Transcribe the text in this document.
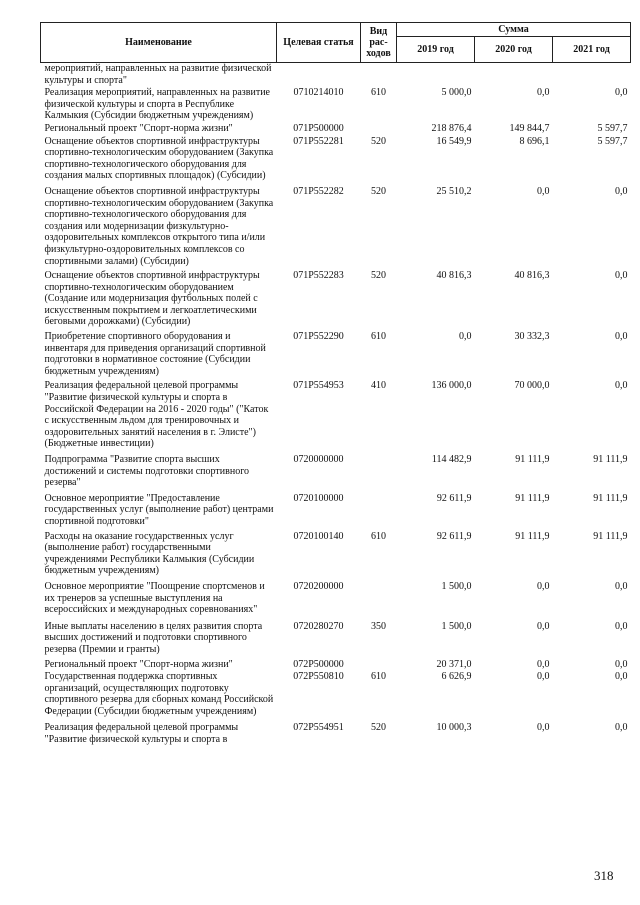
Наименование	Целевая статья	Вид рас-ходов	Сумма		
			2019 год	2020 год	2021 год
мероприятий, направленных на развитие физической культуры и спорта"					
Реализация мероприятий, направленных на развитие физической культуры и спорта в Республике Калмыкия (Субсидии бюджетным учреждениям)	0710214010	610	5 000,0	0,0	0,0
Региональный проект "Спорт-норма жизни"	071P500000		218 876,4	149 844,7	5 597,7
Оснащение объектов спортивной инфраструктуры спортивно-технологическим оборудованием (Закупка спортивно-технологического оборудования для создания малых спортивных площадок) (Субсидии)	071P552281	520	16 549,9	8 696,1	5 597,7
Оснащение объектов спортивной инфраструктуры спортивно-технологическим оборудованием (Закупка спортивно-технологического оборудования для создания или модернизации физкультурно-оздоровительных комплексов открытого типа и/или физкультурно-оздоровительных комплексов со спортивными залами) (Субсидии)	071P552282	520	25 510,2	0,0	0,0
Оснащение объектов спортивной инфраструктуры спортивно-технологическим оборудованием (Создание или модернизация футбольных полей с искусственным покрытием и легкоатлетическими беговыми дорожками) (Субсидии)	071P552283	520	40 816,3	40 816,3	0,0
Приобретение спортивного оборудования и инвентаря для приведения организаций спортивной подготовки в нормативное состояние (Субсидии бюджетным учреждениям)	071P552290	610	0,0	30 332,3	0,0
Реализация федеральной целевой программы "Развитие физической культуры и спорта в Российской Федерации на 2016 - 2020 годы" ("Каток с искусственным льдом для тренировочных и оздоровительных занятий населения в г. Элисте") (Бюджетные инвестиции)	071P554953	410	136 000,0	70 000,0	0,0
Подпрограмма "Развитие спорта высших достижений и системы подготовки спортивного резерва"	0720000000		114 482,9	91 111,9	91 111,9
Основное мероприятие "Предоставление государственных услуг (выполнение работ) центрами спортивной подготовки"	0720100000		92 611,9	91 111,9	91 111,9
Расходы на оказание государственных услуг (выполнение работ) государственными учреждениями Республики Калмыкия (Субсидии бюджетным учреждениям)	0720100140	610	92 611,9	91 111,9	91 111,9
Основное мероприятие "Поощрение спортсменов и их тренеров за успешные выступления на всероссийских и международных соревнованиях"	0720200000		1 500,0	0,0	0,0
Иные выплаты населению в целях развития спорта высших достижений и подготовки спортивного резерва (Премии и гранты)	0720280270	350	1 500,0	0,0	0,0
Региональный проект "Спорт-норма жизни"	072P500000		20 371,0	0,0	0,0
Государственная поддержка спортивных организаций, осуществляющих подготовку спортивного резерва для сборных команд Российской Федерации (Субсидии бюджетным учреждениям)	072P550810	610	6 626,9	0,0	0,0
Реализация федеральной целевой программы "Развитие физической культуры и спорта в	072P554951	520	10 000,3	0,0	0,0
318
